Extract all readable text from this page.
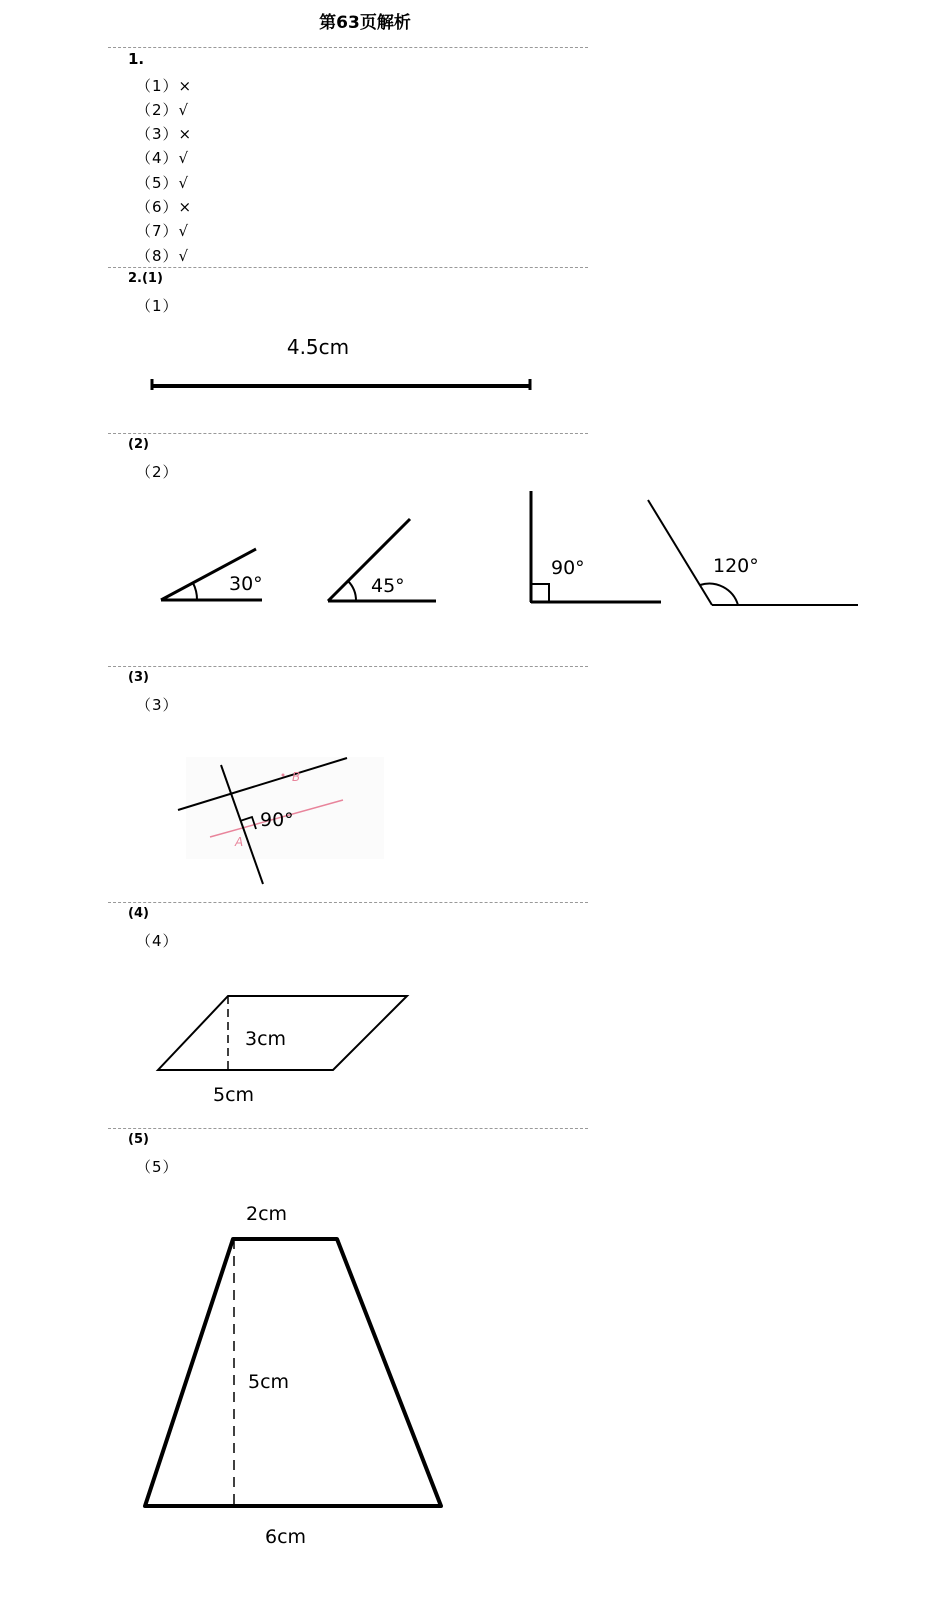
第63页解析
1.
（1）×
（2）√
（3）×
（4）√
（5）√
（6）×
（7）√
（8）√
2.(1)
（1）
(2)
（2）
(3)
（3）
(4)
（4）
(5)
（5）
4.5cm
30°	45°
90°	120°
90°
A
B
3cm
5cm
2cm
5cm
6cm
